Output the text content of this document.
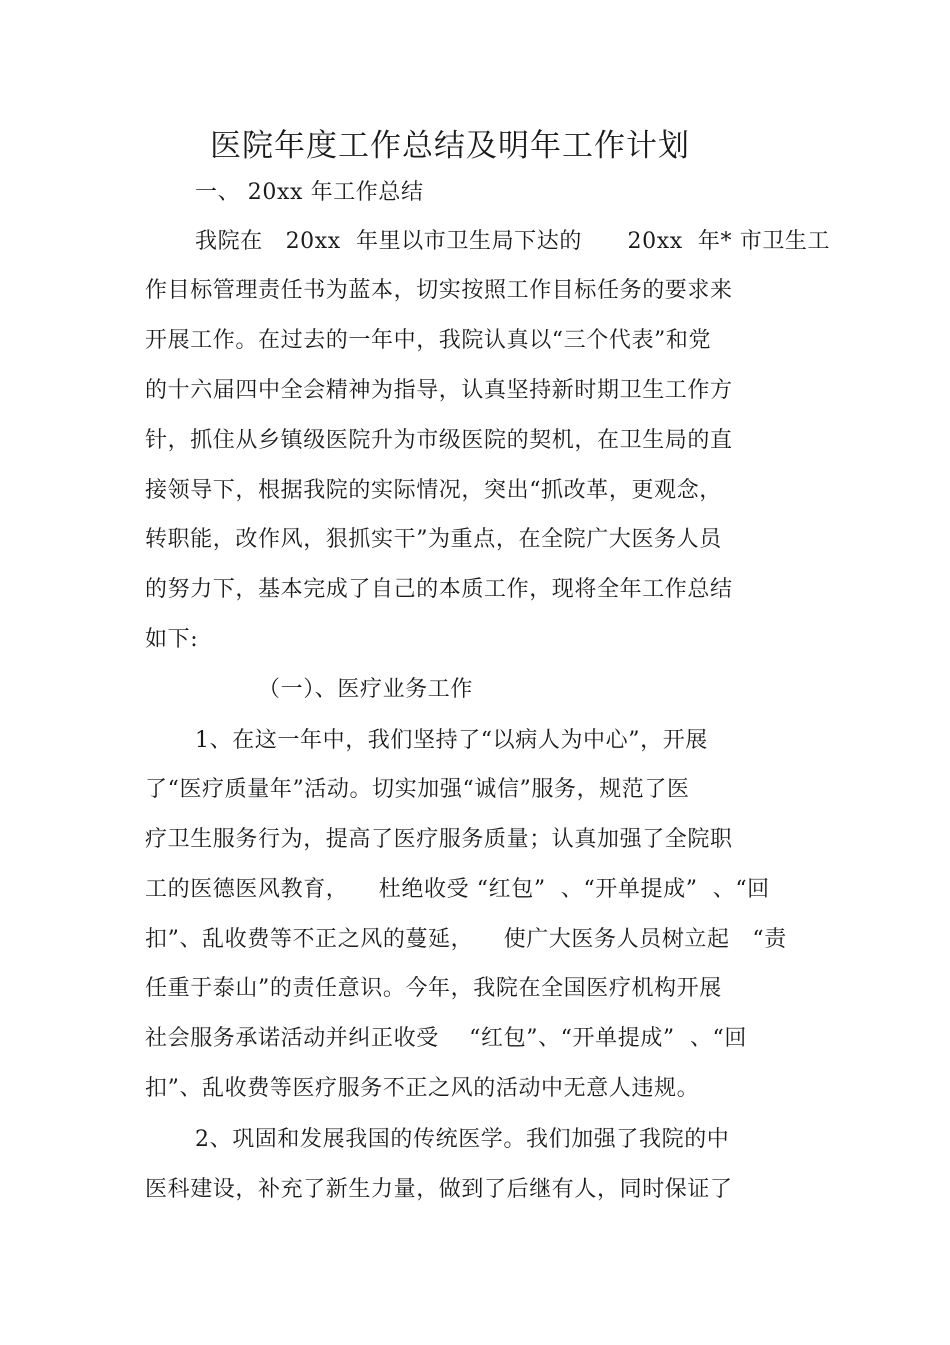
医院年度工作总结及明年工作计划
一、 20xx 年工作总结
我院在   20xx  年里以市卫生局下达的      20xx  年* 市卫生工
作目标管理责任书为蓝本，切实按照工作目标任务的要求来
开展工作。在过去的一年中，我院认真以“三个代表”和党
的十六届四中全会精神为指导，认真坚持新时期卫生工作方
针，抓住从乡镇级医院升为市级医院的契机，在卫生局的直
接领导下，根据我院的实际情况，突出“抓改革，更观念，
转职能，改作风，狠抓实干”为重点，在全院广大医务人员
的努力下，基本完成了自己的本质工作，现将全年工作总结
如下:
（一）、医疗业务工作
1、在这一年中，我们坚持了“以病人为中心”，开展
了“医疗质量年”活动。切实加强“诚信”服务，规范了医
疗卫生服务行为，提高了医疗服务质量；认真加强了全院职
工的医德医风教育，    杜绝收受 “红包”  、“开单提成”  、“回
扣”、乱收费等不正之风的蔓延，    使广大医务人员树立起   “责
任重于泰山”的责任意识。今年，我院在全国医疗机构开展
社会服务承诺活动并纠正收受    “红包”、“开单提成”  、“回
扣”、乱收费等医疗服务不正之风的活动中无意人违规。
2、巩固和发展我国的传统医学。我们加强了我院的中
医科建设，补充了新生力量，做到了后继有人，同时保证了
